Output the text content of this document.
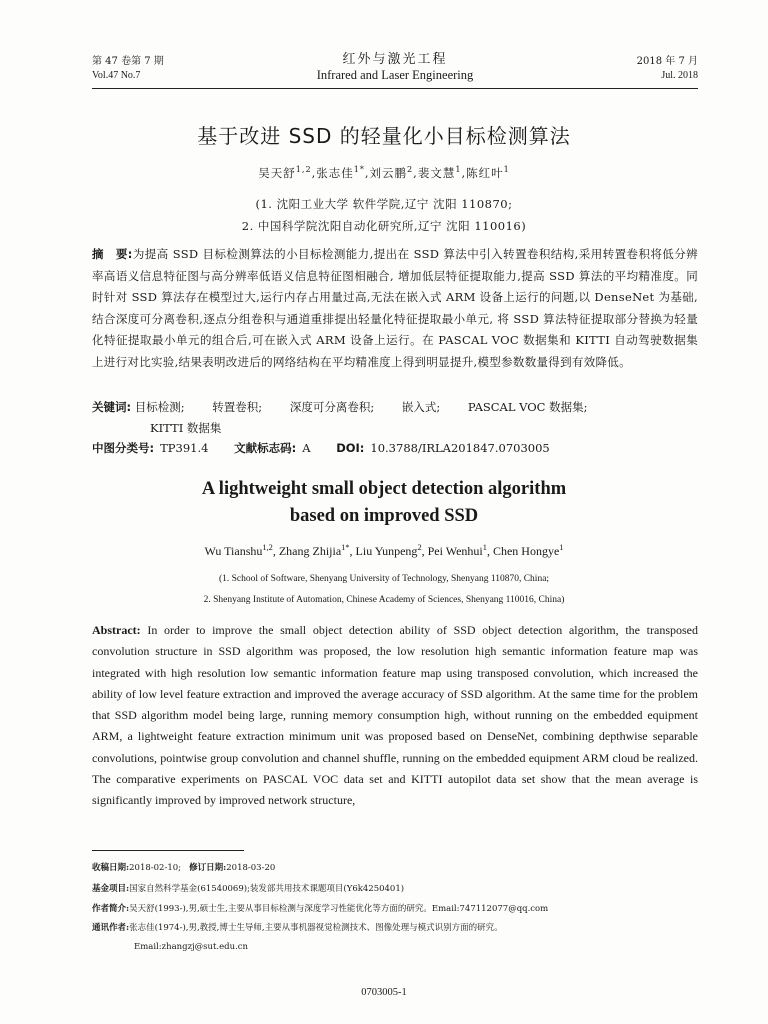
第 47 卷第 7 期
Vol.47 No.7
红外与激光工程
Infrared and Laser Engineering
2018 年 7 月
Jul. 2018
基于改进 SSD 的轻量化小目标检测算法
吴天舒$^{1,2}$,张志佳$^{1*}$,刘云鹏$^2$,裴文慧$^1$,陈红叶$^1$
(1. 沈阳工业大学 软件学院,辽宁 沈阳 110870;
2. 中国科学院沈阳自动化研究所,辽宁 沈阳 110016)
摘　要:为提高 SSD 目标检测算法的小目标检测能力,提出在 SSD 算法中引入转置卷积结构,采用转置卷积将低分辨率高语义信息特征图与高分辨率低语义信息特征图相融合, 增加低层特征提取能力,提高 SSD 算法的平均精准度。同时针对 SSD 算法存在模型过大,运行内存占用量过高,无法在嵌入式 ARM 设备上运行的问题,以 DenseNet 为基础,结合深度可分离卷积,逐点分组卷积与通道重排提出轻量化特征提取最小单元, 将 SSD 算法特征提取部分替换为轻量化特征提取最小单元的组合后,可在嵌入式 ARM 设备上运行。在 PASCAL VOC 数据集和 KITTI 自动驾驶数据集上进行对比实验,结果表明改进后的网络结构在平均精准度上得到明显提升,模型参数数量得到有效降低。
关键词: 目标检测; 转置卷积; 深度可分离卷积; 嵌入式; PASCAL VOC 数据集;
KITTI 数据集
中图分类号: TP391.4 文献标志码: A DOI: 10.3788/IRLA201847.0703005
A lightweight small object detection algorithm
based on improved SSD
Wu Tianshu$^{1,2}$, Zhang Zhijia$^{1*}$, Liu Yunpeng$^2$, Pei Wenhui$^1$, Chen Hongye$^1$
(1. School of Software, Shenyang University of Technology, Shenyang 110870, China;
2. Shenyang Institute of Automation, Chinese Academy of Sciences, Shenyang 110016, China)
Abstract: In order to improve the small object detection ability of SSD object detection algorithm, the transposed convolution structure in SSD algorithm was proposed, the low resolution high semantic information feature map was integrated with high resolution low semantic information feature map using transposed convolution, which increased the ability of low level feature extraction and improved the average accuracy of SSD algorithm. At the same time for the problem that SSD algorithm model being large, running memory consumption high, without running on the embedded equipment ARM, a lightweight feature extraction minimum unit was proposed based on DenseNet, combining depthwise separable convolutions, pointwise group convolution and channel shuffle, running on the embedded equipment ARM cloud be realized. The comparative experiments on PASCAL VOC data set and KITTI autopilot data set show that the mean average is significantly improved by improved network structure,
收稿日期:2018-02-10; 修订日期:2018-03-20
基金项目:国家自然科学基金(61540069);装发部共用技术课题项目(Y6k4250401)
作者简介:吴天舒(1993-),男,硕士生,主要从事目标检测与深度学习性能优化等方面的研究。Email:747112077@qq.com
通讯作者:张志佳(1974-),男,教授,博士生导师,主要从事机器视觉检测技术、图像处理与模式识别方面的研究。
Email:zhangzj@sut.edu.cn
0703005-1
